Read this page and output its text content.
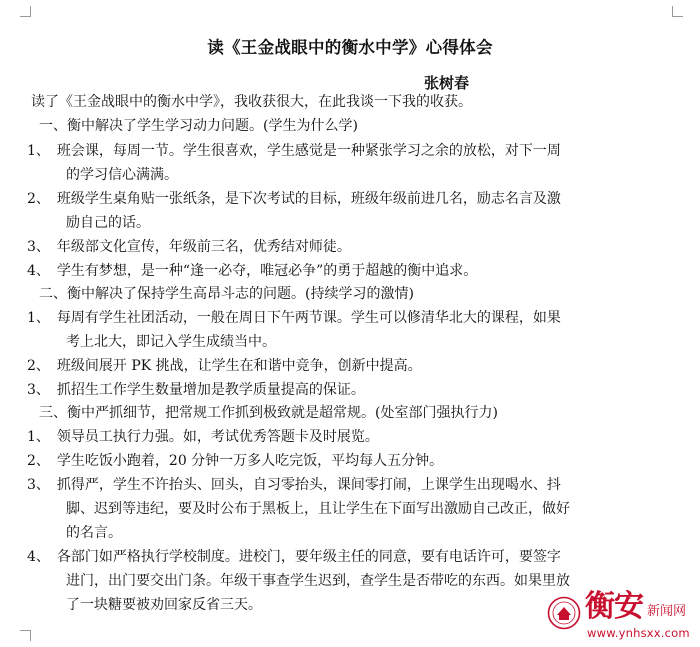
读《王金战眼中的衡水中学》心得体会
张树春
读了《王金战眼中的衡水中学》，我收获很大，在此我谈一下我的收获。
一、衡中解决了学生学习动力问题。(学生为什么学)
1、　班会课，每周一节。学生很喜欢，学生感觉是一种紧张学习之余的放松，对下一周
的学习信心满满。
2、　班级学生桌角贴一张纸条，是下次考试的目标，班级年级前进几名，励志名言及激
励自己的话。
3、　年级部文化宣传，年级前三名，优秀结对师徒。
4、　学生有梦想，是一种“逢一必夺，唯冠必争”的勇于超越的衡中追求。
二、衡中解决了保持学生高昂斗志的问题。(持续学习的激情)
1、　每周有学生社团活动，一般在周日下午两节课。学生可以修清华北大的课程，如果
考上北大，即记入学生成绩当中。
2、　班级间展开 PK 挑战，让学生在和谐中竞争，创新中提高。
3、　抓招生工作学生数量增加是教学质量提高的保证。
三、衡中严抓细节，把常规工作抓到极致就是超常规。(处室部门强执行力)
1、　领导员工执行力强。如，考试优秀答题卡及时展览。
2、　学生吃饭小跑着，20 分钟一万多人吃完饭，平均每人五分钟。
3、　抓得严，学生不许抬头、回头，自习零抬头，课间零打闹，上课学生出现喝水、抖
脚、迟到等违纪，要及时公布于黑板上，且让学生在下面写出激励自己改正，做好
的名言。
4、　各部门如严格执行学校制度。进校门，要年级主任的同意，要有电话许可，要签字
进门，出门要交出门条。年级干事查学生迟到，查学生是否带吃的东西。如果里放
了一块糖要被劝回家反省三天。	衡安 新闻网
www.ynhsxx.com
